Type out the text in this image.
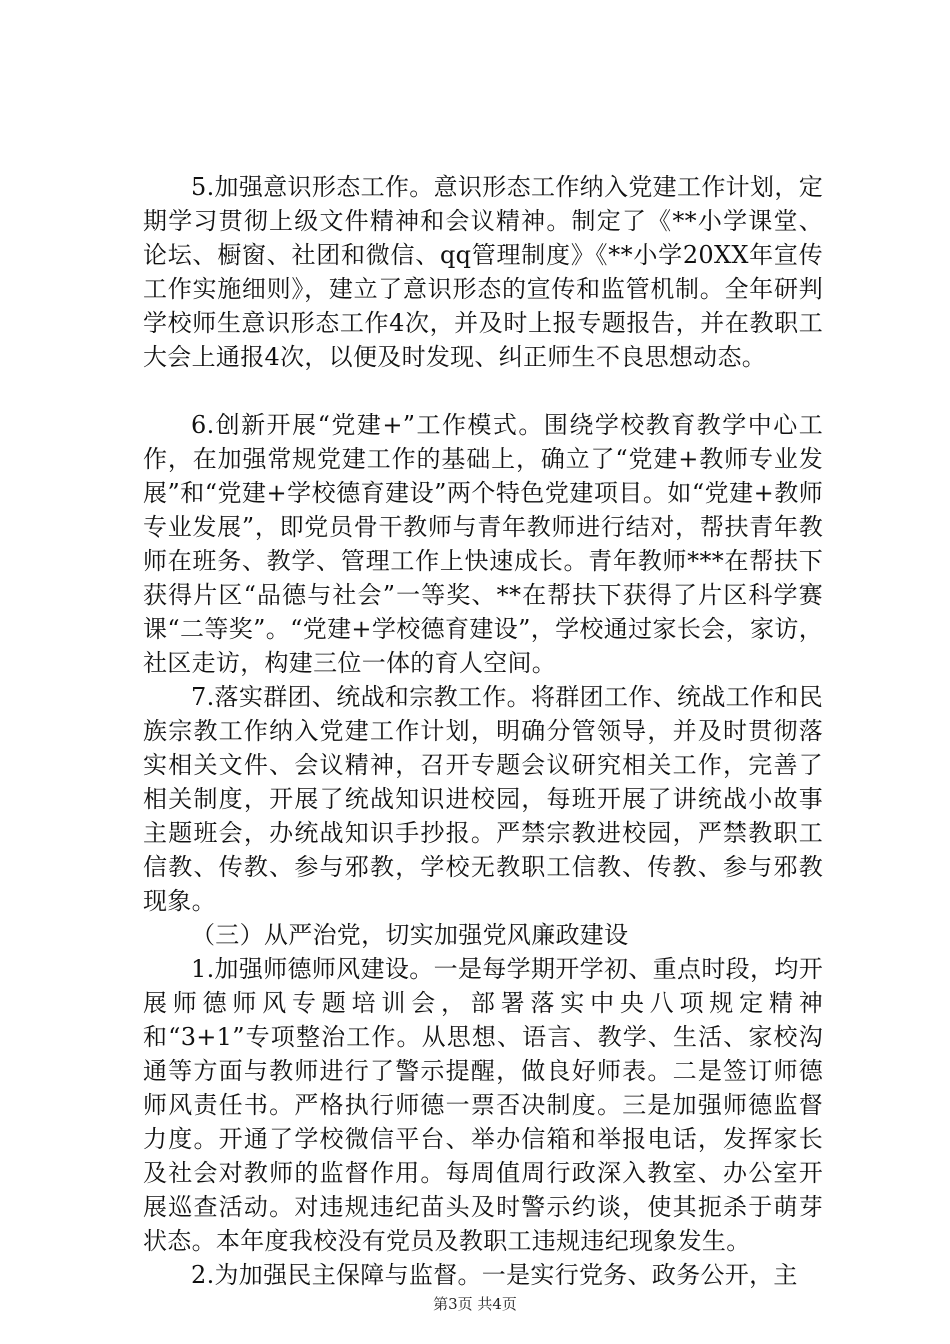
5.加强意识形态工作。意识形态工作纳入党建工作计划，定期学习贯彻上级文件精神和会议精神。制定了《**小学课堂、论坛、橱窗、社团和微信、qq管理制度》《**小学20XX年宣传工作实施细则》，建立了意识形态的宣传和监管机制。全年研判学校师生意识形态工作4次，并及时上报专题报告，并在教职工大会上通报4次，以便及时发现、纠正师生不良思想动态。

6.创新开展“党建+”工作模式。围绕学校教育教学中心工作，在加强常规党建工作的基础上，确立了“党建+教师专业发展”和“党建+学校德育建设”两个特色党建项目。如“党建+教师专业发展”，即党员骨干教师与青年教师进行结对，帮扶青年教师在班务、教学、管理工作上快速成长。青年教师***在帮扶下获得片区“品德与社会”一等奖、**在帮扶下获得了片区科学赛课“二等奖”。“党建+学校德育建设”，学校通过家长会，家访，社区走访，构建三位一体的育人空间。

7.落实群团、统战和宗教工作。将群团工作、统战工作和民族宗教工作纳入党建工作计划，明确分管领导，并及时贯彻落实相关文件、会议精神，召开专题会议研究相关工作，完善了相关制度，开展了统战知识进校园，每班开展了讲统战小故事主题班会，办统战知识手抄报。严禁宗教进校园，严禁教职工信教、传教、参与邪教，学校无教职工信教、传教、参与邪教现象。

（三）从严治党，切实加强党风廉政建设

1.加强师德师风建设。一是每学期开学初、重点时段，均开展师德师风专题培训会，部署落实中央八项规定精神和“3+1”专项整治工作。从思想、语言、教学、生活、家校沟通等方面与教师进行了警示提醒，做良好师表。二是签订师德师风责任书。严格执行师德一票否决制度。三是加强师德监督力度。开通了学校微信平台、举办信箱和举报电话，发挥家长及社会对教师的监督作用。每周值周行政深入教室、办公室开展巡查活动。对违规违纪苗头及时警示约谈，使其扼杀于萌芽状态。本年度我校没有党员及教职工违规违纪现象发生。

2.为加强民主保障与监督。一是实行党务、政务公开，主

第3页 共4页
